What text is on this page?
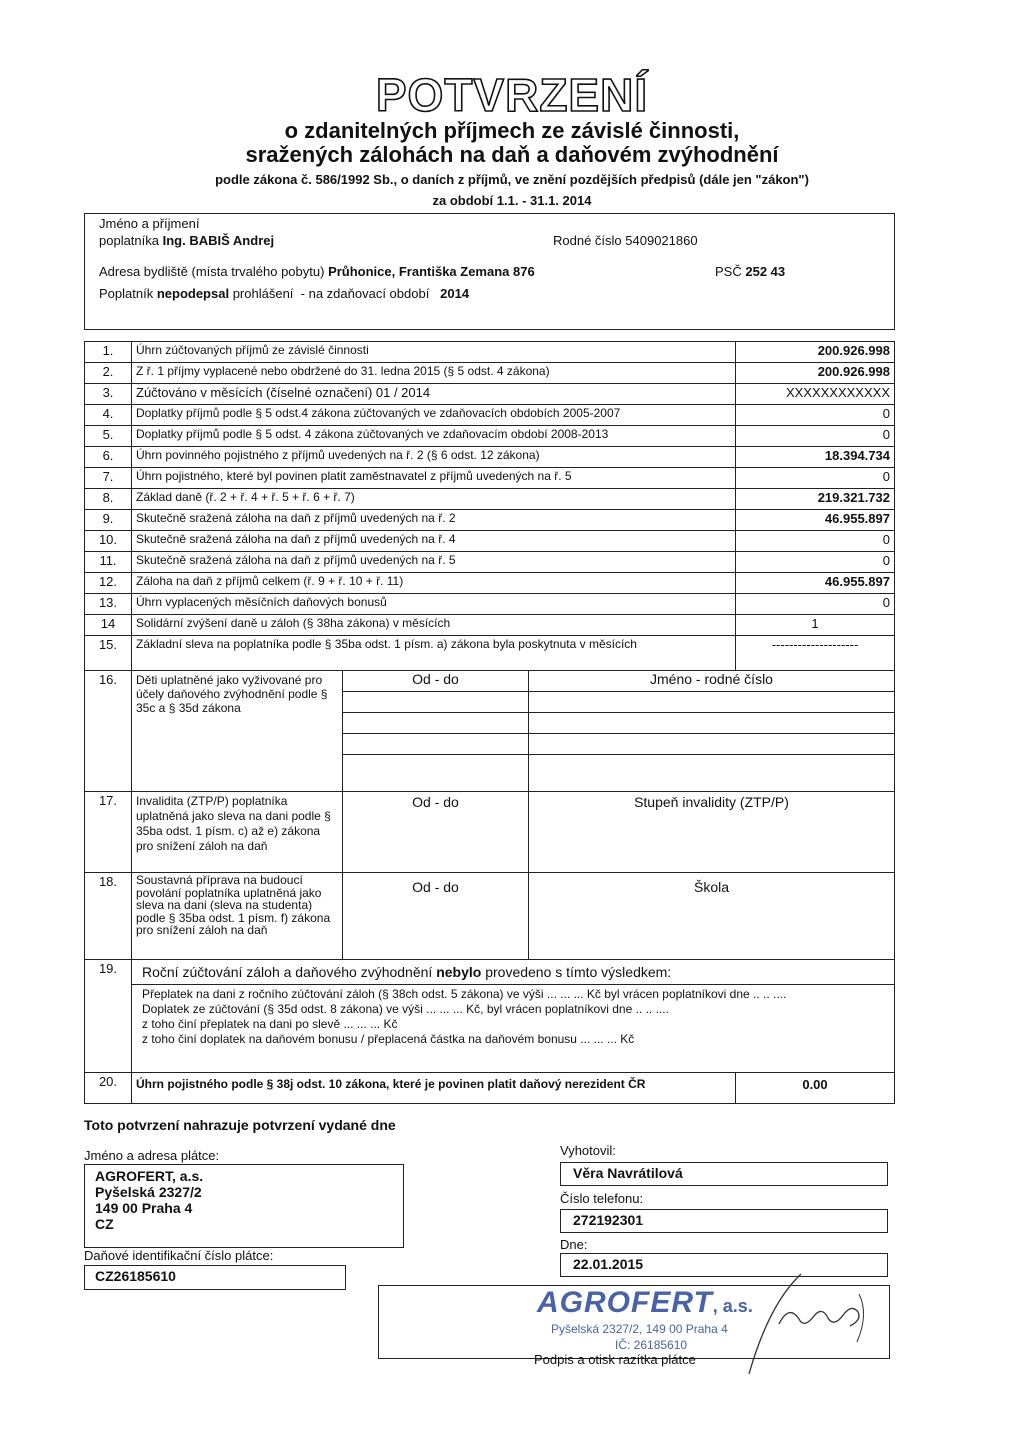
POTVRZENÍ
o zdanitelných příjmech ze závislé činnosti,
sražených zálohách na daň a daňovém zvýhodnění
podle zákona č. 586/1992 Sb., o daních z příjmů, ve znění pozdějších předpisů (dále jen "zákon")
za období 1.1. - 31.1. 2014
Jméno a příjmení
poplatníka Ing. BABIŠ Andrej	Rodné číslo 5409021860
Adresa bydliště (místa trvalého pobytu) Průhonice, Františka Zemana 876	PSČ 252 43
Poplatník nepodepsal prohlášení - na zdaňovací období 2014
1.	Úhrn zúčtovaných příjmů ze závislé činnosti	200.926.998
2.	Z ř. 1 příjmy vyplacené nebo obdržené do 31. ledna 2015 (§ 5 odst. 4 zákona)	200.926.998
3.	Zúčtováno v měsících (číselné označení) 01 / 2014	XXXXXXXXXXXX
4.	Doplatky příjmů podle § 5 odst.4 zákona zúčtovaných ve zdaňovacích obdobích 2005-2007	0
5.	Doplatky příjmů podle § 5 odst. 4 zákona zúčtovaných ve zdaňovacím období 2008-2013	0
6.	Úhrn povinného pojistného z příjmů uvedených na ř. 2 (§ 6 odst. 12 zákona)	18.394.734
7.	Úhrn pojistného, které byl povinen platit zaměstnavatel z příjmů uvedených na ř. 5	0
8.	Základ daně (ř. 2 + ř. 4 + ř. 5 + ř. 6 + ř. 7)	219.321.732
9.	Skutečně sražená záloha na daň z příjmů uvedených na ř. 2	46.955.897
10.	Skutečně sražená záloha na daň z příjmů uvedených na ř. 4	0
11.	Skutečně sražená záloha na daň z příjmů uvedených na ř. 5	0
12.	Záloha na daň z příjmů celkem (ř. 9 + ř. 10 + ř. 11)	46.955.897
13.	Úhrn vyplacených měsíčních daňových bonusů	0
14	Solidární zvýšení daně u záloh (§ 38ha zákona) v měsících	1
15.	Základní sleva na poplatníka podle § 35ba odst. 1 písm. a) zákona byla poskytnuta v měsících	--------------------
16.	Děti uplatněné jako vyživované pro účely daňového zvýhodnění podle § 35c a § 35d zákona
Od - do Jméno - rodné číslo	

17.	Invalidita (ZTP/P) poplatníka uplatněná jako sleva na dani podle § 35ba odst. 1 písm. c) až e) zákona pro snížení záloh na daň
Od - do Stupeň invalidity (ZTP/P)	

18.	Soustavná příprava na budoucí povolání poplatníka uplatněná jako sleva na dani (sleva na studenta) podle § 35ba odst. 1 písm. f) zákona pro snížení záloh na daň
Od - do Škola	

19.	Roční zúčtování záloh a daňového zvýhodnění nebylo provedeno s tímto výsledkem:
Přeplatek na dani z ročního zúčtování záloh (§ 38ch odst. 5 zákona) ve výši ... ... ... Kč byl vrácen poplatníkovi dne .. .. ....
Doplatek ze zúčtování (§ 35d odst. 8 zákona) ve výši ... ... ... Kč, byl vrácen poplatníkovi dne .. .. ....
z toho činí přeplatek na dani po slevě ... ... ... Kč
z toho činí doplatek na daňovém bonusu / přeplacená částka na daňovém bonusu ... ... ... Kč	

20.	Úhrn pojistného podle § 38j odst. 10 zákona, které je povinen platit daňový nerezident ČR	0.00
Toto potvrzení nahrazuje potvrzení vydané dne
Jméno a adresa plátce:
AGROFERT, a.s.
Pyšelská 2327/2
149 00 Praha 4
CZ
Daňové identifikační číslo plátce:
CZ26185610
Vyhotovil:
Věra Navrátilová
Číslo telefonu:
272192301
Dne:
22.01.2015
AGROFERT, a.s.
Pyšelská 2327/2, 149 00 Praha 4
IČ: 26185610
Podpis a otisk razítka plátce
